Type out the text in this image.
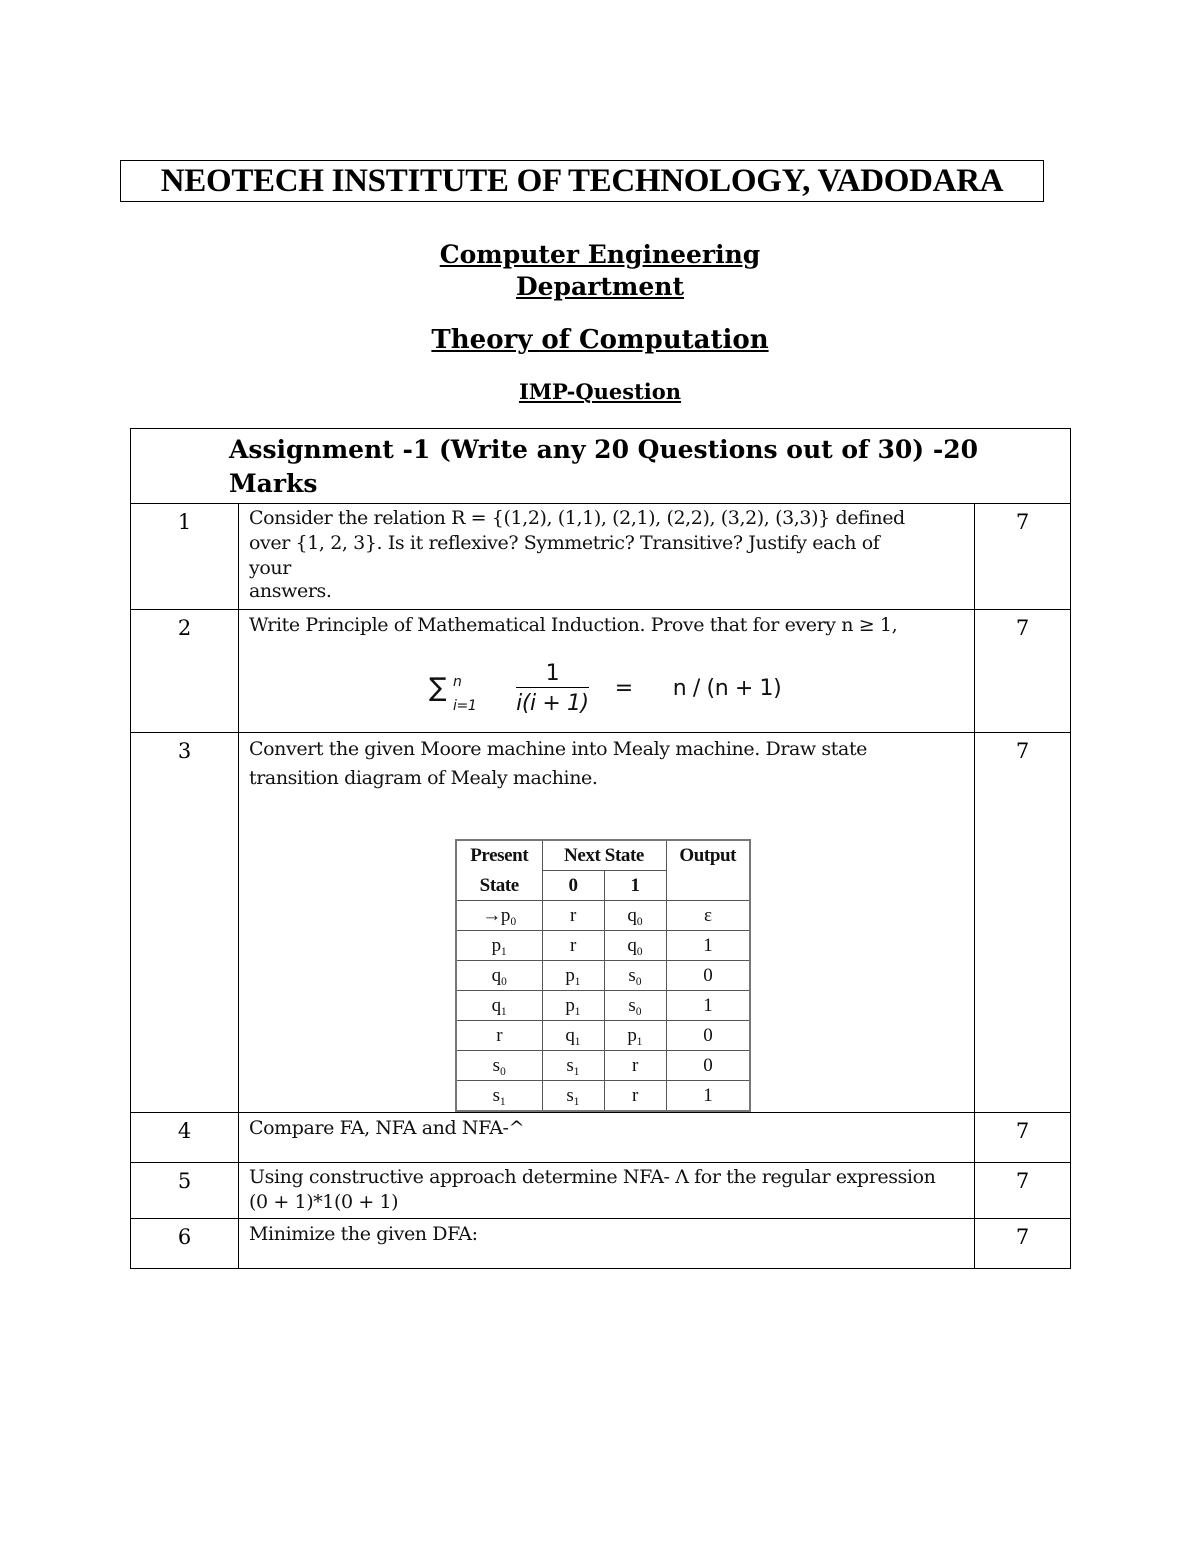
NEOTECH INSTITUTE OF TECHNOLOGY, VADODARA
Computer Engineering
Department
Theory of Computation
IMP-Question
Assignment -1 (Write any 20 Questions out of 30) -20 Marks
1	Consider the relation R = {(1,2), (1,1), (2,1), (2,2), (3,2), (3,3)} defined
over {1, 2, 3}. Is it reflexive? Symmetric? Transitive? Justify each of
your
answers.
	7
2	Write Principle of Mathematical Induction. Prove that for every n ≥ 1,
∑ n
$i=1 \frac{1}{i(i + 1)} = n / (n + 1)$
	7
3	Convert the given Moore machine into Mealy machine. Draw state
transition diagram of Mealy machine.
Present	Next State	Output
State	0	1	
→p₀	r	q₀	ε
p₁	r	q₀	1
q₀	p₁	s₀	0
q₁	p₁	s₀	1
r	q₁	p₁	0
s₀	s₁	r	0
s₁	s₁	r	1
	7
4	Compare FA, NFA and NFA-^	7
5	Using constructive approach determine NFA- Λ for the regular expression
(0 + 1)*1(0 + 1)
	7
6	Minimize the given DFA:	7
